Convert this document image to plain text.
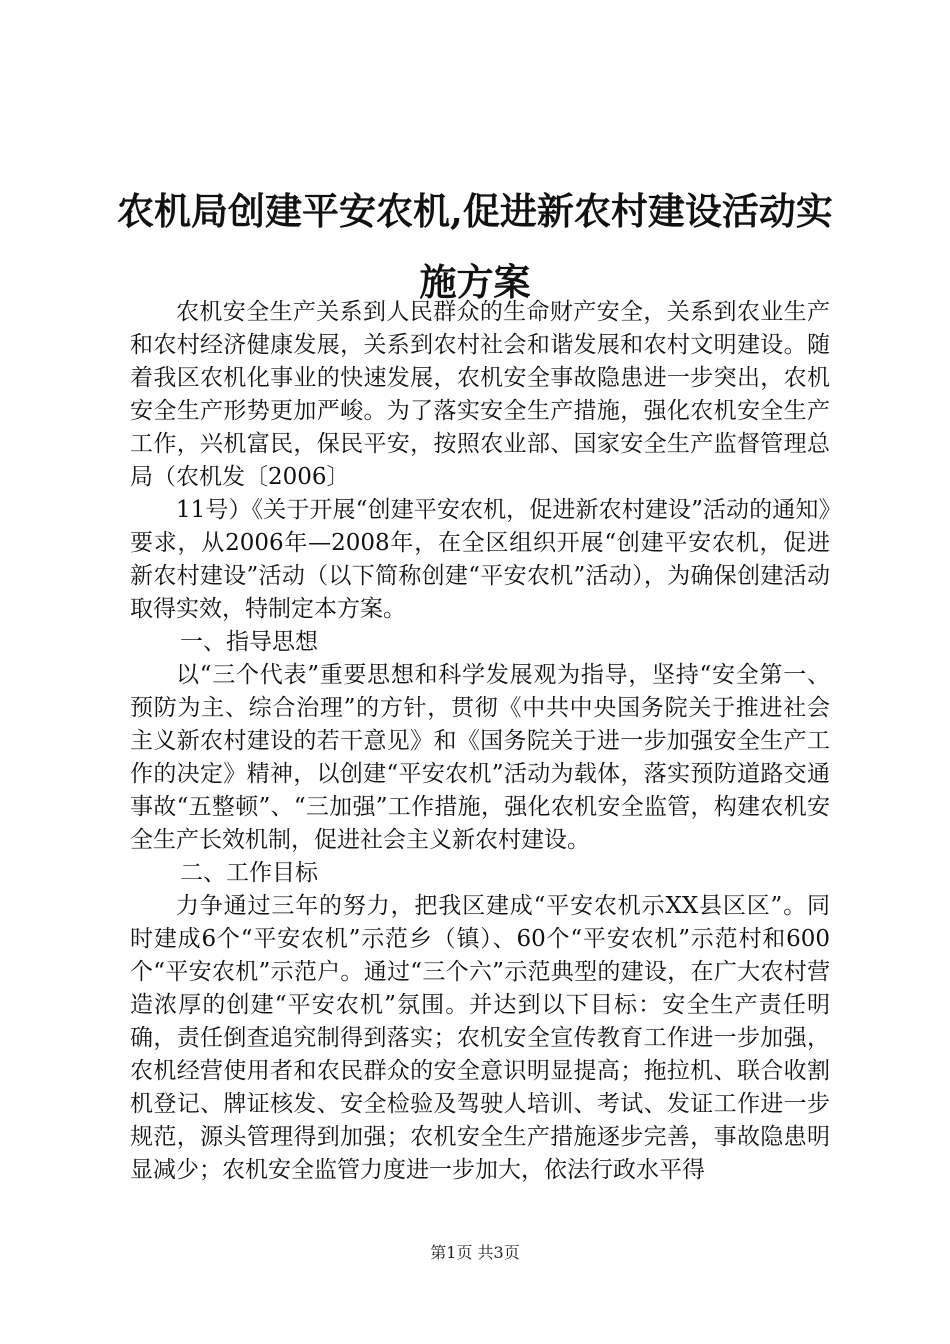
农机局创建平安农机,促进新农村建设活动实
施方案

农机安全生产关系到人民群众的生命财产安全，关系到农业生产和农村经济健康发展，关系到农村社会和谐发展和农村文明建设。随着我区农机化事业的快速发展，农机安全事故隐患进一步突出，农机安全生产形势更加严峻。为了落实安全生产措施，强化农机安全生产工作，兴机富民，保民平安，按照农业部、国家安全生产监督管理总局（农机发〔2006〕

11号）《关于开展“创建平安农机，促进新农村建设”活动的通知》要求，从2006年—2008年，在全区组织开展“创建平安农机，促进新农村建设”活动（以下简称创建“平安农机”活动），为确保创建活动取得实效，特制定本方案。

一、指导思想

以“三个代表”重要思想和科学发展观为指导，坚持“安全第一、预防为主、综合治理”的方针，贯彻《中共中央国务院关于推进社会主义新农村建设的若干意见》和《国务院关于进一步加强安全生产工作的决定》精神，以创建“平安农机”活动为载体，落实预防道路交通事故“五整顿”、“三加强”工作措施，强化农机安全监管，构建农机安全生产长效机制，促进社会主义新农村建设。

二、工作目标

力争通过三年的努力，把我区建成“平安农机示XX县区区”。同时建成6个“平安农机”示范乡（镇）、60个“平安农机”示范村和600个“平安农机”示范户。通过“三个六”示范典型的建设，在广大农村营造浓厚的创建“平安农机”氛围。并达到以下目标：安全生产责任明确，责任倒查追究制得到落实；农机安全宣传教育工作进一步加强，农机经营使用者和农民群众的安全意识明显提高；拖拉机、联合收割机登记、牌证核发、安全检验及驾驶人培训、考试、发证工作进一步规范，源头管理得到加强；农机安全生产措施逐步完善，事故隐患明显减少；农机安全监管力度进一步加大，依法行政水平得

第1页 共3页
